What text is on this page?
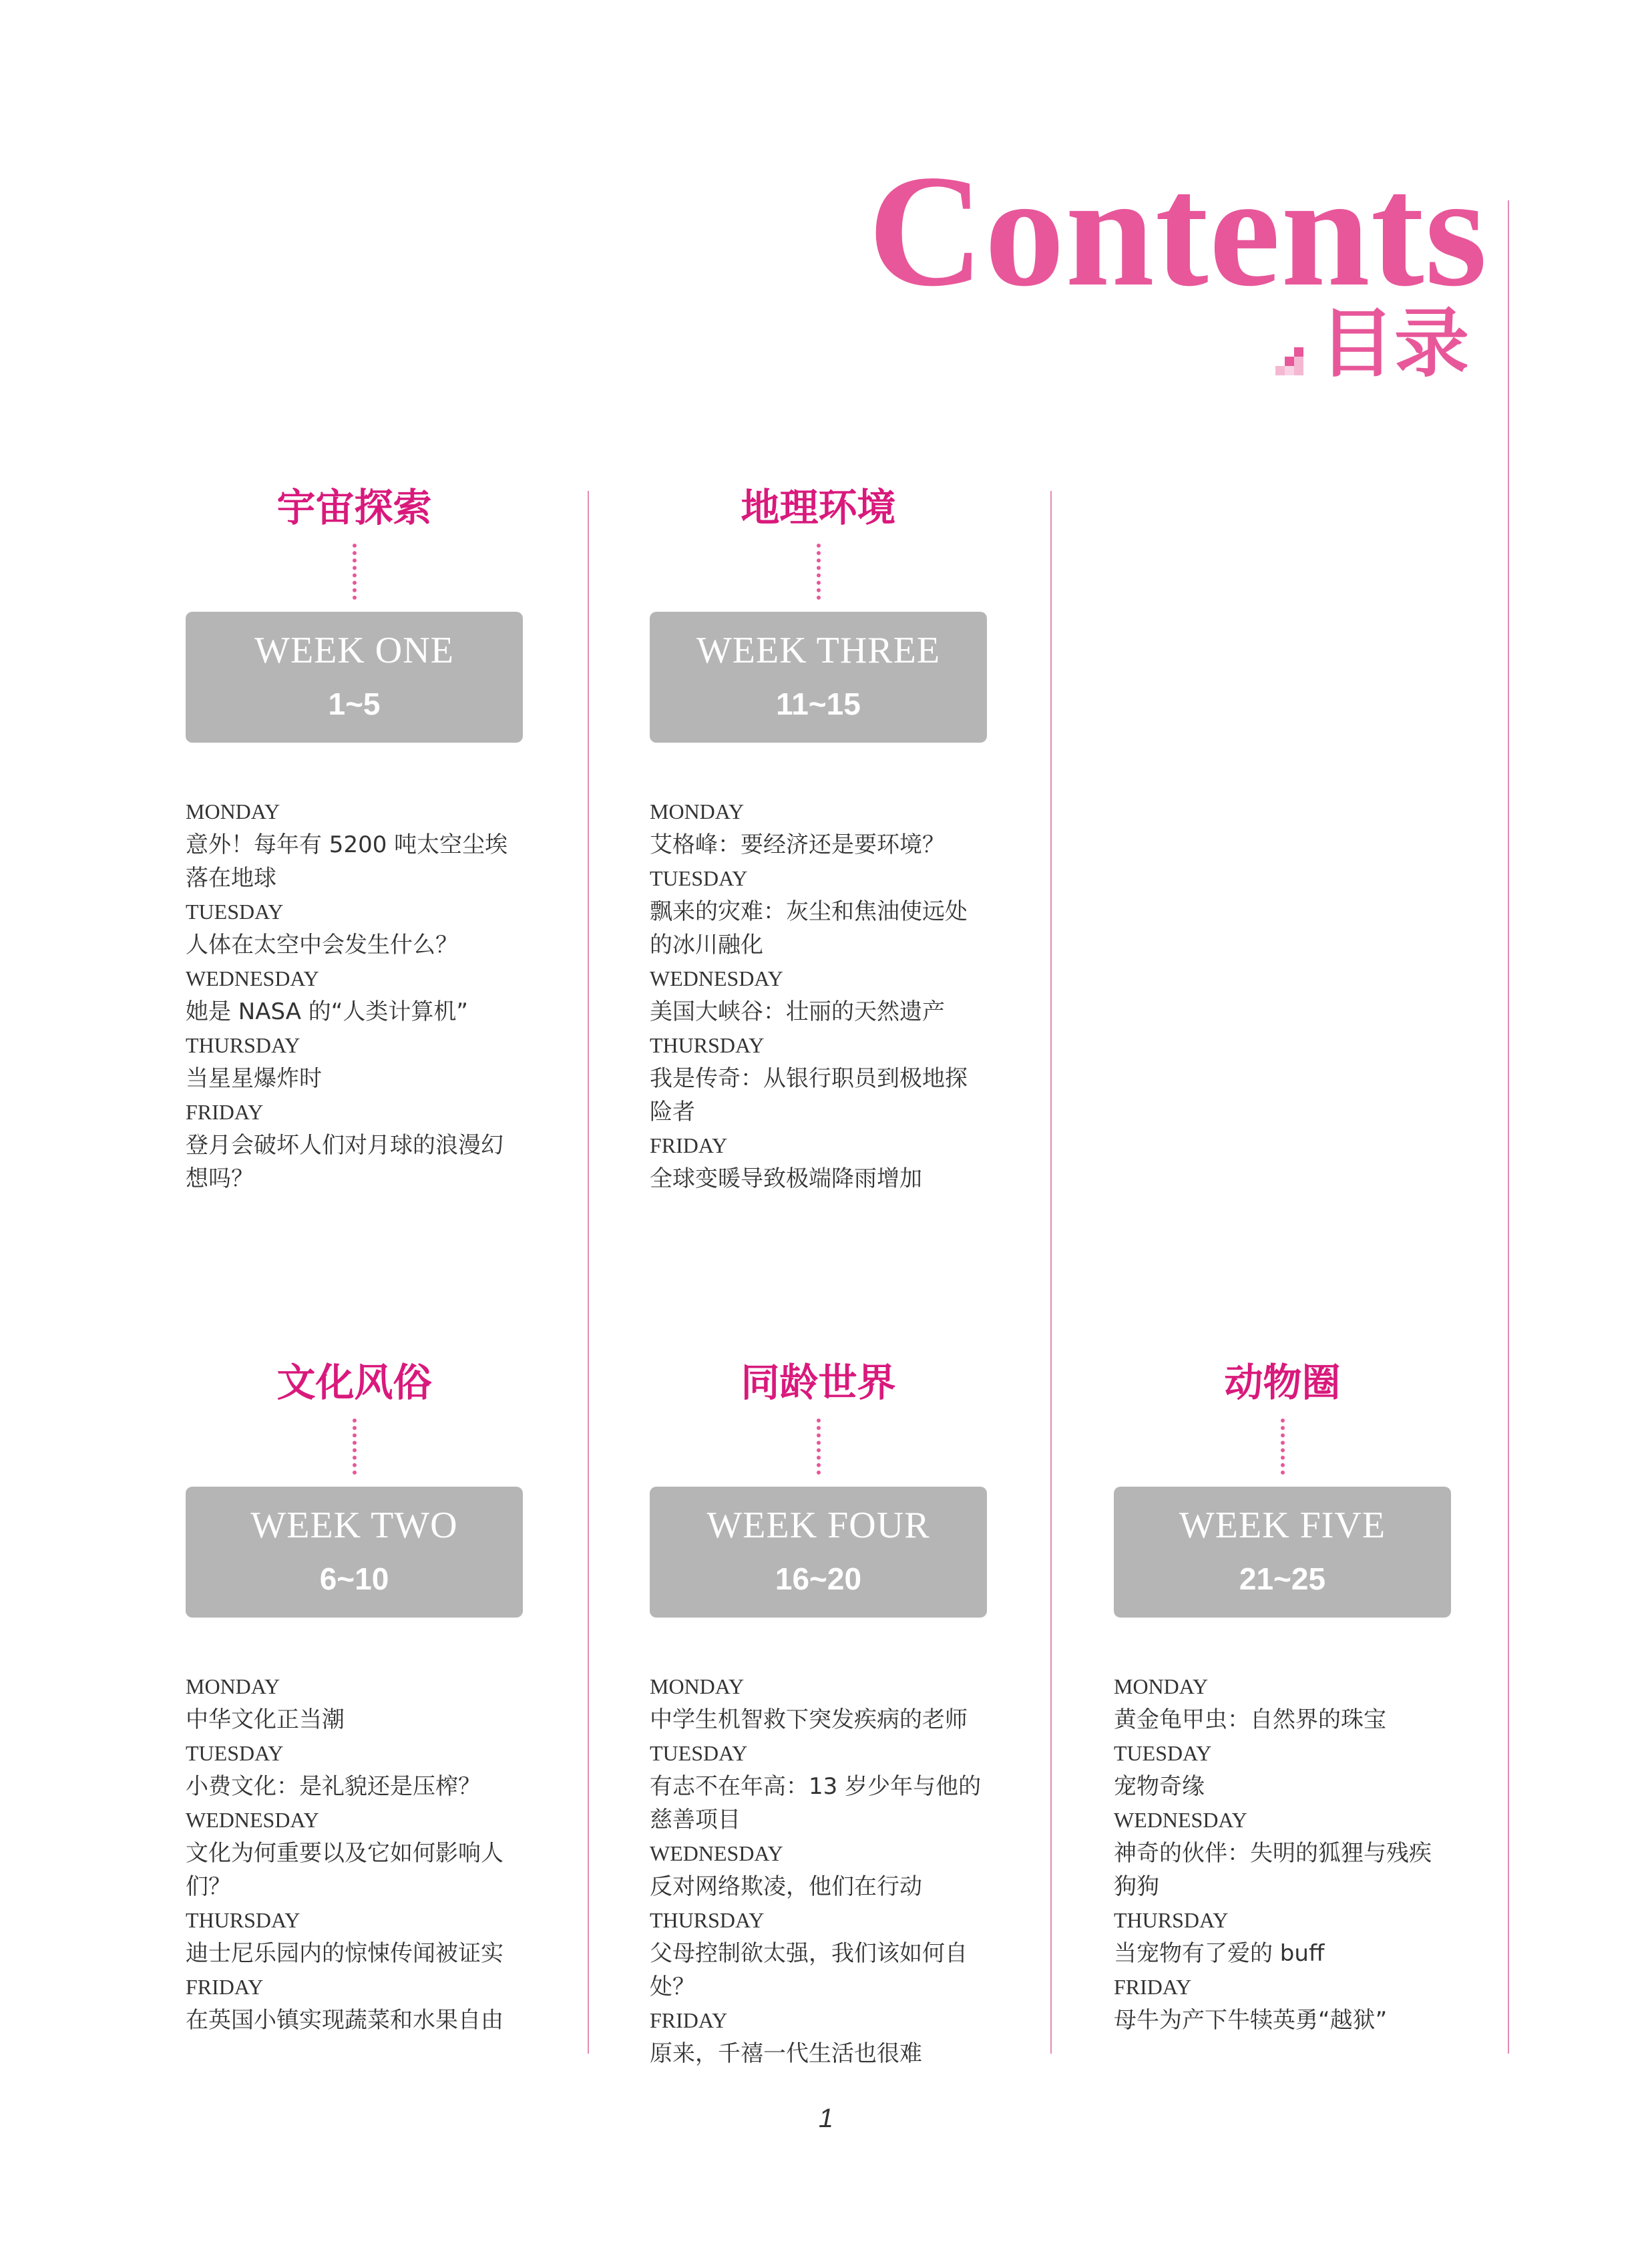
Contents
目录
宇宙探索
WEEK ONE
1~5
MONDAY
意外！每年有 5200 吨太空尘埃落在地球
TUESDAY
人体在太空中会发生什么？
WEDNESDAY
她是 NASA 的“人类计算机”
THURSDAY
当星星爆炸时
FRIDAY
登月会破坏人们对月球的浪漫幻想吗？
地理环境
WEEK THREE
11~15
MONDAY
艾格峰：要经济还是要环境？
TUESDAY
飘来的灾难：灰尘和焦油使远处的冰川融化
WEDNESDAY
美国大峡谷：壮丽的天然遗产
THURSDAY
我是传奇：从银行职员到极地探险者
FRIDAY
全球变暖导致极端降雨增加
文化风俗
WEEK TWO
6~10
MONDAY
中华文化正当潮
TUESDAY
小费文化：是礼貌还是压榨？
WEDNESDAY
文化为何重要以及它如何影响人们？
THURSDAY
迪士尼乐园内的惊悚传闻被证实
FRIDAY
在英国小镇实现蔬菜和水果自由
同龄世界
WEEK FOUR
16~20
MONDAY
中学生机智救下突发疾病的老师
TUESDAY
有志不在年高：13 岁少年与他的慈善项目
WEDNESDAY
反对网络欺凌，他们在行动
THURSDAY
父母控制欲太强，我们该如何自处？
FRIDAY
原来，千禧一代生活也很难
动物圈
WEEK FIVE
21~25
MONDAY
黄金龟甲虫：自然界的珠宝
TUESDAY
宠物奇缘
WEDNESDAY
神奇的伙伴：失明的狐狸与残疾狗狗
THURSDAY
当宠物有了爱的 buff
FRIDAY
母牛为产下牛犊英勇“越狱”
1
